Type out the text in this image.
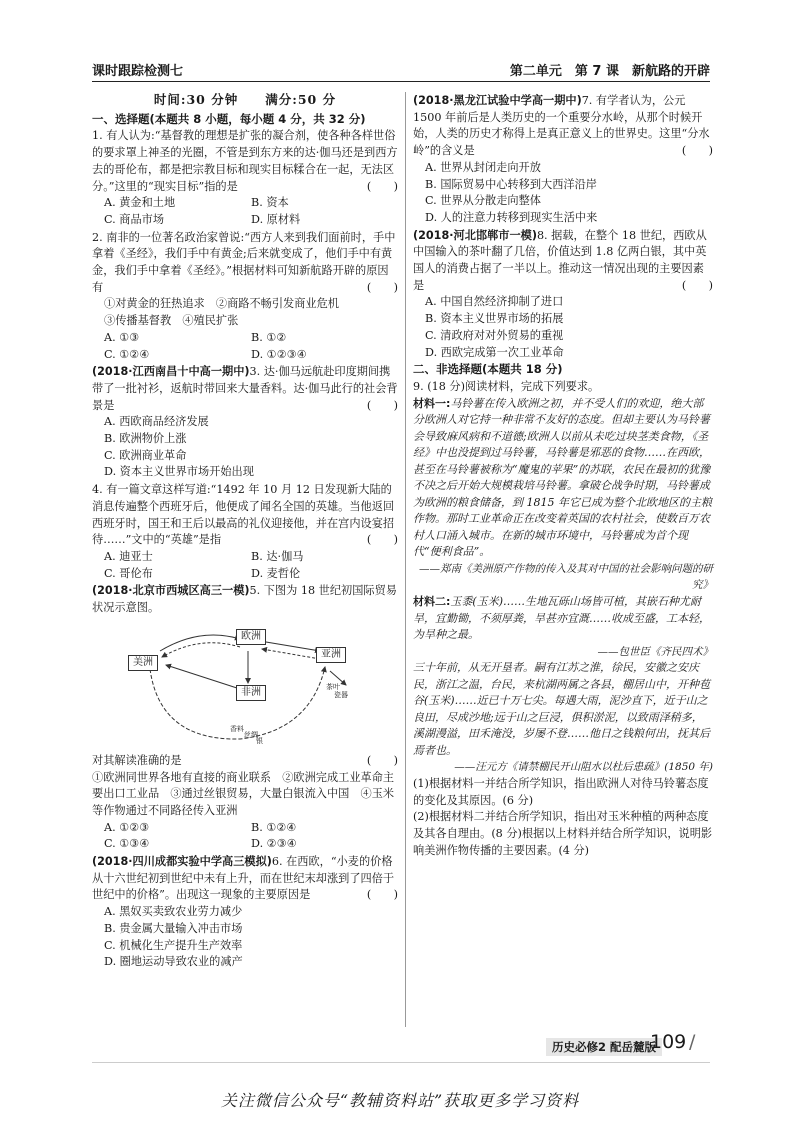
课时跟踪检测七	第二单元　第 7 课　新航路的开辟
时间:30 分钟　　满分:50 分
一、选择题(本题共 8 小题，每小题 4 分，共 32 分)

1. 有人认为:“基督教的理想是扩张的凝合剂，使各种各样世俗的要求罩上神圣的光圈，不管是到东方来的达·伽马还是到西方去的哥伦布，都是把宗教目标和现实目标糅合在一起，无法区分。”这里的“现实目标”指的是	(　　)

A. 黄金和土地	B. 资本
C. 商品市场	D. 原材料

2. 南非的一位著名政治家曾说:“西方人来到我们面前时，手中拿着《圣经》，我们手中有黄金;后来就变成了，他们手中有黄金，我们手中拿着《圣经》。”根据材料可知新航路开辟的原因有	(　　)

①对黄金的狂热追求　②商路不畅引发商业危机

③传播基督教　④殖民扩张

A. ①③	B. ①②
C. ①②④	D. ①②③④

(2018·江西南昌十中高一期中)3. 达·伽马远航赴印度期间携带了一批衬衫，返航时带回来大量香料。达·伽马此行的社会背景是	(　　)

A. 西欧商品经济发展

B. 欧洲物价上涨

C. 欧洲商业革命

D. 资本主义世界市场开始出现

4. 有一篇文章这样写道:“1492 年 10 月 12 日发现新大陆的消息传遍整个西班牙后，他便成了闻名全国的英雄。当他返回西班牙时，国王和王后以最高的礼仪迎接他，并在宫内设宴招待……”文中的“英雄”是指	(　　)

A. 迪亚士	B. 达·伽马
C. 哥伦布	D. 麦哲伦

(2018·北京市西城区高三一模)5. 下图为 18 世纪初国际贸易状况示意图。

美洲
欧洲
非洲
亚洲
茶叶
瓷器
香料
丝绸
银

对其解读准确的是	(　　)

①欧洲同世界各地有直接的商业联系　②欧洲完成工业革命主要出口工业品　③通过丝银贸易，大量白银流入中国　④玉米等作物通过不同路径传入亚洲

A. ①②③	B. ①②④
C. ①③④	D. ②③④

(2018·四川成都实验中学高三模拟)6. 在西欧，“小麦的价格从十六世纪初到世纪中未有上升，而在世纪末却涨到了四倍于世纪中的价格”。出现这一现象的主要原因是	(　　)

A. 黑奴买卖致农业劳力减少

B. 贵金属大量输入冲击市场

C. 机械化生产提升生产效率

D. 圈地运动导致农业的减产

(2018·黑龙江试验中学高一期中)7. 有学者认为，公元1500 年前后是人类历史的一个重要分水岭，从那个时候开始，人类的历史才称得上是真正意义上的世界史。这里“分水岭”的含义是	(　　)

A. 世界从封闭走向开放

B. 国际贸易中心转移到大西洋沿岸

C. 世界从分散走向整体

D. 人的注意力转移到现实生活中来

(2018·河北邯郸市一模)8. 据载，在整个 18 世纪，西欧从中国输入的茶叶翻了几倍，价值达到 1.8 亿两白银，其中英国人的消费占据了一半以上。推动这一情况出现的主要因素是	(　　)

A. 中国自然经济抑制了进口

B. 资本主义世界市场的拓展

C. 清政府对对外贸易的重视

D. 西欧完成第一次工业革命

二、非选择题(本题共 18 分)

9. (18 分)阅读材料，完成下列要求。

材料一:马铃薯在传入欧洲之初，并不受人们的欢迎，绝大部分欧洲人对它持一种非常不友好的态度。但却主要认为马铃薯会导致麻风病和不道德;欧洲人以前从未吃过块茎类食物，《圣经》中也没提到过马铃薯，马铃薯是邪恶的食物……在西欧，甚至在马铃薯被称为“魔鬼的苹果”的苏联，农民在最初的犹豫不决之后开始大规模栽培马铃薯。拿破仑战争时期，马铃薯成为欧洲的粮食储备，到 1815 年它已成为整个北欧地区的主粮作物。那时工业革命正在改变着英国的农村社会，使数百万农村人口涌入城市。在新的城市环境中，马铃薯成为首个现代“便利食品”。

——郑南《美洲原产作物的传入及其对中国的社会影响问题的研究》

材料二:玉黍(玉米)……生地瓦砾山场皆可植，其嵌石种尤耐旱，宜勤锄，不须厚粪，旱甚亦宜溉……收成至盛，工本轻，为旱种之最。

——包世臣《齐民四术》

三十年前，从无开垦者。嗣有江苏之淮，徐民，安徽之安庆民，浙江之温，台民，来杭湖两属之各县，棚居山中，开种苞谷(玉米)……近已十万七尖。每遇大雨，泥沙直下，近于山之良田，尽成沙地;远于山之巨浸，俱积淤泥，以致雨泽稍多，溪湖漫溢，田禾淹没，岁屡不登……他日之钱粮何出，抚其后焉者也。

——汪元方《请禁棚民开山阻水以杜后患疏》(1850 年)

(1)根据材料一并结合所学知识，指出欧洲人对待马铃薯态度的变化及其原因。(6 分)

(2)根据材料二并结合所学知识，指出对玉米种植的两种态度及其各自理由。(8 分)根据以上材料并结合所学知识，说明影响美洲作物传播的主要因素。(4 分)

历史必修2 配岳麓版
109 /
关注微信公众号“教辅资料站”获取更多学习资料
